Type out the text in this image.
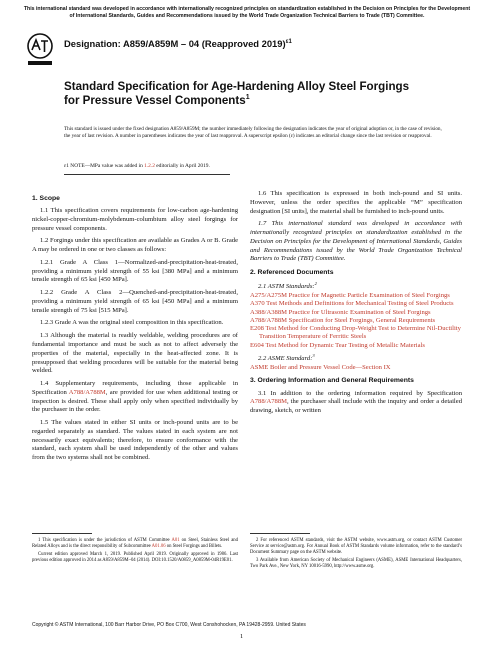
This international standard was developed in accordance with internationally recognized principles on standardization established in the Decision on Principles for the Development of International Standards, Guides and Recommendations issued by the World Trade Organization Technical Barriers to Trade (TBT) Committee.
Designation: A859/A859M – 04 (Reapproved 2019)$^{\varepsilon 1}$
Standard Specification for Age-Hardening Alloy Steel Forgings for Pressure Vessel Components$^1$
This standard is issued under the fixed designation A859/A859M; the number immediately following the designation indicates the year of original adoption or, in the case of revision, the year of last revision. A number in parentheses indicates the year of last reapproval. A superscript epsilon (ε) indicates an editorial change since the last revision or reapproval.
ε1 NOTE—MPa value was added in 1.2.2 editorially in April 2019.
1. Scope

1.1 This specification covers requirements for low-carbon age-hardening nickel-copper-chromium-molybdenum-columbium alloy steel forgings for pressure vessel components.

1.2 Forgings under this specification are available as Grades A or B. Grade A may be ordered in one or two classes as follows:

1.2.1 Grade A Class 1—Normalized-and-precipitation-heat-treated, providing a minimum yield strength of 55 ksi [380 MPa] and a minimum tensile strength of 65 ksi [450 MPa].

1.2.2 Grade A Class 2—Quenched-and-precipitation-heat-treated, providing a minimum yield strength of 65 ksi [450 MPa] and a minimum tensile strength of 75 ksi [515 MPa].

1.2.3 Grade A was the original steel composition in this specification.

1.3 Although the material is readily weldable, welding procedures are of fundamental importance and must be such as not to affect adversely the properties of the material, especially in the heat-affected zone. It is presupposed that welding procedures will be suitable for the material being welded.

1.4 Supplementary requirements, including those applicable in Specification A788/A788M, are provided for use when additional testing or inspection is desired. These shall apply only when specified individually by the purchaser in the order.

1.5 The values stated in either SI units or inch-pound units are to be regarded separately as standard. The values stated in each system are not necessarily exact equivalents; therefore, to ensure conformance with the standard, each system shall be used independently of the other and values from the two systems shall not be combined.

1.6 This specification is expressed in both inch-pound and SI units. However, unless the order specifies the applicable “M” specification designation [SI units], the material shall be furnished to inch-pound units.

1.7 This international standard was developed in accordance with internationally recognized principles on standardization established in the Decision on Principles for the Development of International Standards, Guides and Recommendations issued by the World Trade Organization Technical Barriers to Trade (TBT) Committee.

2. Referenced Documents
2.1 ASTM Standards:$^2$
A275/A275M Practice for Magnetic Particle Examination of Steel Forgings
A370 Test Methods and Definitions for Mechanical Testing of Steel Products
A388/A388M Practice for Ultrasonic Examination of Steel Forgings
A788/A788M Specification for Steel Forgings, General Requirements
E208 Test Method for Conducting Drop-Weight Test to Determine Nil-Ductility Transition Temperature of Ferritic Steels
E604 Test Method for Dynamic Tear Testing of Metallic Materials
2.2 ASME Standard:$^3$
ASME Boiler and Pressure Vessel Code—Section IX
3. Ordering Information and General Requirements

3.1 In addition to the ordering information required by Specification A788/A788M, the purchaser shall include with the inquiry and order a detailed drawing, sketch, or written

1 This specification is under the jurisdiction of ASTM Committee A01 on Steel, Stainless Steel and Related Alloys and is the direct responsibility of Subcommittee A01.06 on Steel Forgings and Billets.

Current edition approved March 1, 2019. Published April 2019. Originally approved in 1986. Last previous edition approved in 2014 as A859/A859M–04 (2014). DOI:10.1520/A0859_A0859M-04R19E01.

2 For referenced ASTM standards, visit the ASTM website, www.astm.org, or contact ASTM Customer Service at service@astm.org. For Annual Book of ASTM Standards volume information, refer to the standard’s Document Summary page on the ASTM website.

3 Available from American Society of Mechanical Engineers (ASME), ASME International Headquarters, Two Park Ave., New York, NY 10016-5990, http://www.asme.org.

Copyright © ASTM International, 100 Barr Harbor Drive, PO Box C700, West Conshohocken, PA 19428-2959. United States
1
